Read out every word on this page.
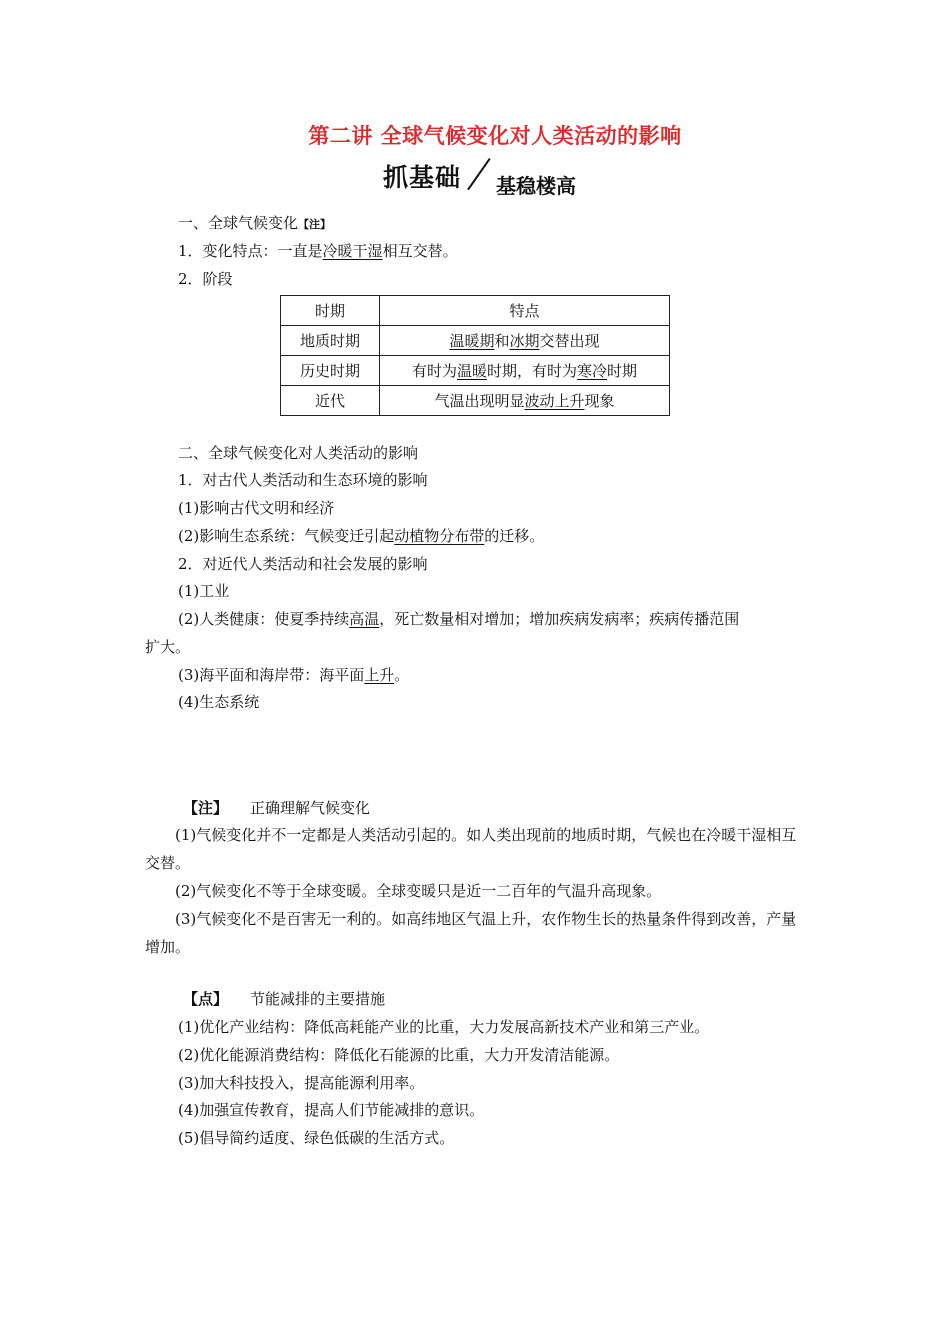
第二讲 全球气候变化对人类活动的影响
抓基础 基稳楼高
一、全球气候变化【注】
1．变化特点：一直是冷暖干湿相互交替。
2．阶段
时期	特点
地质时期	温暖期和冰期交替出现
历史时期	有时为温暖时期，有时为寒冷时期
近代	气温出现明显波动上升现象
二、全球气候变化对人类活动的影响
1．对古代人类活动和生态环境的影响
(1)影响古代文明和经济
(2)影响生态系统：气候变迁引起动植物分布带的迁移。
2．对近代人类活动和社会发展的影响
(1)工业
(2)人类健康：使夏季持续高温，死亡数量相对增加；增加疾病发病率；疾病传播范围
扩大。
(3)海平面和海岸带：海平面上升。
(4)生态系统
【注】 正确理解气候变化
(1)气候变化并不一定都是人类活动引起的。如人类出现前的地质时期，气候也在冷暖干湿相互交替。
(2)气候变化不等于全球变暖。全球变暖只是近一二百年的气温升高现象。
(3)气候变化不是百害无一利的。如高纬地区气温上升，农作物生长的热量条件得到改善，产量增加。
【点】 节能减排的主要措施
(1)优化产业结构：降低高耗能产业的比重，大力发展高新技术产业和第三产业。
(2)优化能源消费结构：降低化石能源的比重，大力开发清洁能源。
(3)加大科技投入，提高能源利用率。
(4)加强宣传教育，提高人们节能减排的意识。
(5)倡导简约适度、绿色低碳的生活方式。
